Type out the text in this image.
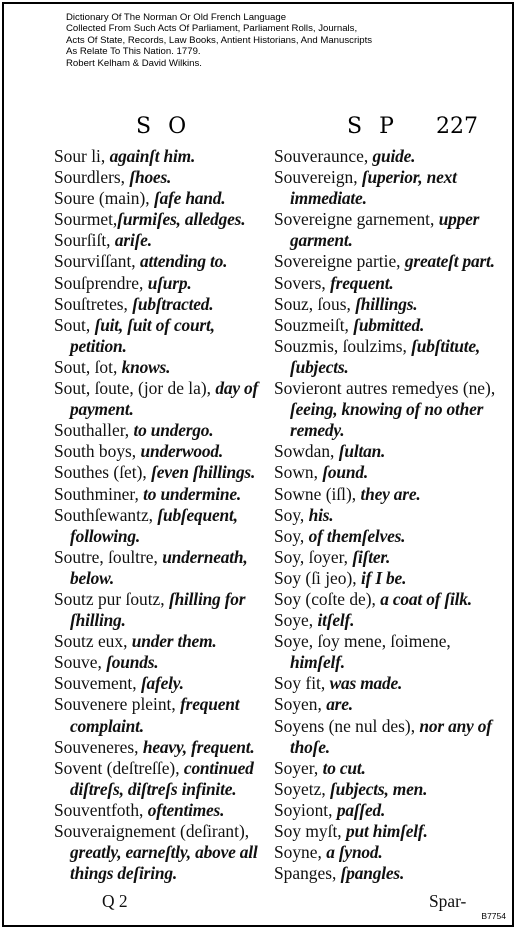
Dictionary Of The Norman Or Old French Language
Collected From Such Acts Of Parliament, Parliament Rolls, Journals,
Acts Of State, Records, Law Books, Antient Historians, And Manuscripts
As Relate To This Nation. 1779.
Robert Kelham & David Wilkins.
S O	S P 227
Sour li, againſt him.
Sourdlers, ſhoes.
Soure (main), ſafe hand.
Sourmet,ſurmiſes, alledges.
Sourſiſt, ariſe.
Sourviſſant, attending to.
Souſprendre, uſurp.
Souſtretes, ſubſtracted.
Sout, ſuit, ſuit of court, petition.
Sout, ſot, knows.
Sout, ſoute, (jor de la), day of payment.
Southaller, to undergo.
South boys, underwood.
Southes (ſet), ſeven ſhillings.
Southminer, to undermine.
Southſewantz, ſubſequent, following.
Soutre, ſoultre, underneath, below.
Soutz pur ſoutz, ſhilling for ſhilling.
Soutz eux, under them.
Souve, ſounds.
Souvement, ſafely.
Souvenere pleint, frequent complaint.
Souveneres, heavy, frequent.
Sovent (deſtreſſe), continued diſtreſs, diſtreſs infinite.
Souventfoth, oftentimes.
Souveraignement (deſirant), greatly, earneſtly, above all things deſiring.
Souveraunce, guide.
Souvereign, ſuperior, next immediate.
Sovereigne garnement, upper garment.
Sovereigne partie, greateſt part.
Sovers, frequent.
Souz, ſous, ſhillings.
Souzmeiſt, ſubmitted.
Souzmis, ſoulzims, ſubſtitute, ſubjects.
Sovieront autres remedyes (ne), ſeeing, knowing of no other remedy.
Sowdan, ſultan.
Sown, ſound.
Sowne (iſl), they are.
Soy, his.
Soy, of themſelves.
Soy, ſoyer, ſiſter.
Soy (ſi jeo), if I be.
Soy (coſte de), a coat of ſilk.
Soye, itſelf.
Soye, ſoy mene, ſoimene, himſelf.
Soy fit, was made.
Soyen, are.
Soyens (ne nul des), nor any of thoſe.
Soyer, to cut.
Soyetz, ſubjects, men.
Soyiont, paſſed.
Soy myſt, put himſelf.
Soyne, a ſynod.
Spanges, ſpangles.
Q 2	Spar-
B7754
